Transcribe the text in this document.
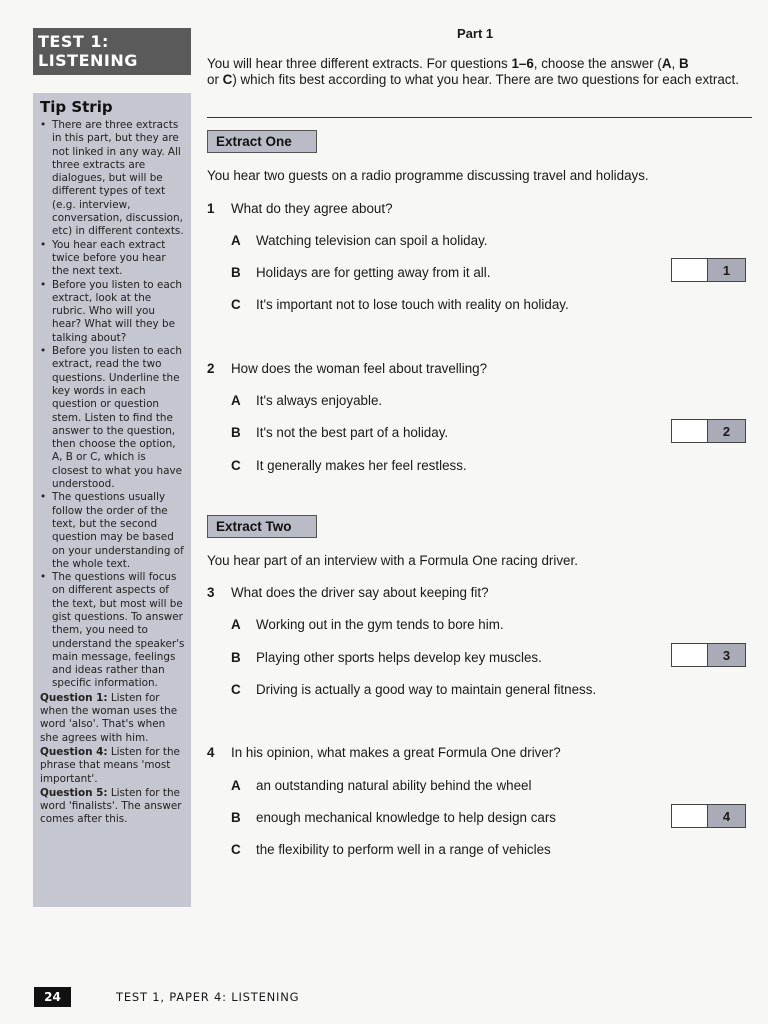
TEST 1:
LISTENING
Tip Strip
• There are three extracts in this part, but they are not linked in any way. All three extracts are dialogues, but will be different types of text (e.g. interview, conversation, discussion, etc) in different contexts.
• You hear each extract twice before you hear the next text.
• Before you listen to each extract, look at the rubric. Who will you hear? What will they be talking about?
• Before you listen to each extract, read the two questions. Underline the key words in each question or question stem. Listen to find the answer to the question, then choose the option, A, B or C, which is closest to what you have understood.
• The questions usually follow the order of the text, but the second question may be based on your understanding of the whole text.
• The questions will focus on different aspects of the text, but most will be gist questions. To answer them, you need to understand the speaker's main message, feelings and ideas rather than specific information.
Question 1: Listen for when the woman uses the word 'also'. That's when she agrees with him.
Question 4: Listen for the phrase that means 'most important'.
Question 5: Listen for the word 'finalists'. The answer comes after this.
Part 1
You will hear three different extracts. For questions 1–6, choose the answer (A, B
or C) which fits best according to what you hear. There are two questions for each extract.
Extract One
You hear two guests on a radio programme discussing travel and holidays.
1 What do they agree about?
A Watching television can spoil a holiday.
B Holidays are for getting away from it all.
C It's important not to lose touch with reality on holiday.
1
2 How does the woman feel about travelling?
A It's always enjoyable.
B It's not the best part of a holiday.
C It generally makes her feel restless.
2
Extract Two
You hear part of an interview with a Formula One racing driver.
3 What does the driver say about keeping fit?
A Working out in the gym tends to bore him.
B Playing other sports helps develop key muscles.
C Driving is actually a good way to maintain general fitness.
3
4 In his opinion, what makes a great Formula One driver?
A an outstanding natural ability behind the wheel
B enough mechanical knowledge to help design cars
C the flexibility to perform well in a range of vehicles
4
24	TEST 1, PAPER 4: LISTENING
